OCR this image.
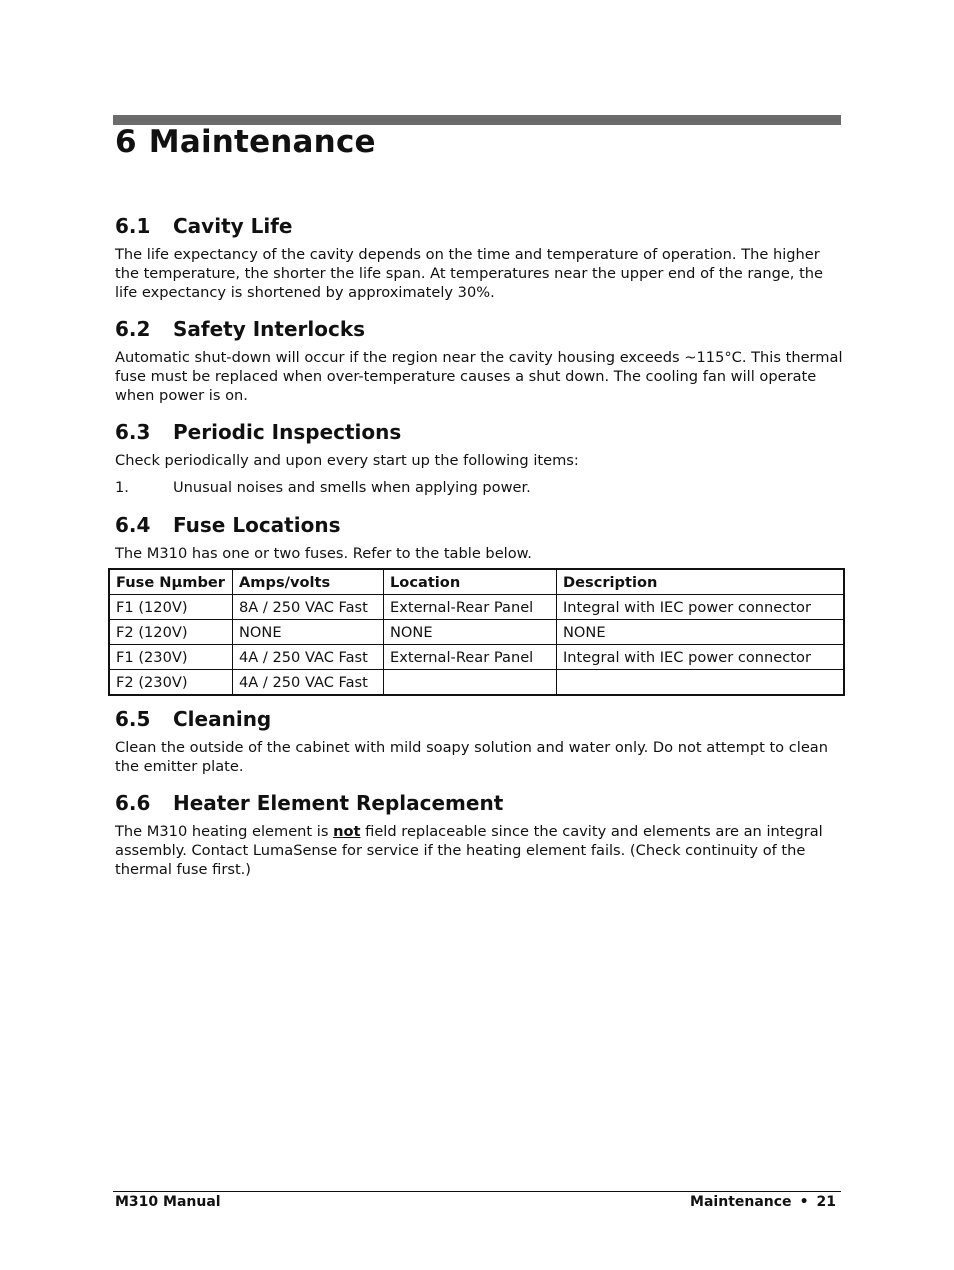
6 Maintenance
6.1 Cavity Life

The life expectancy of the cavity depends on the time and temperature of operation. The higher the temperature, the shorter the life span. At temperatures near the upper end of the range, the life expectancy is shortened by approximately 30%.

6.2 Safety Interlocks

Automatic shut-down will occur if the region near the cavity housing exceeds ~115°C. This thermal fuse must be replaced when over-temperature causes a shut down. The cooling fan will operate when power is on.

6.3 Periodic Inspections

Check periodically and upon every start up the following items:

1.	Unusual noises and smells when applying power.
6.4 Fuse Locations

The M310 has one or two fuses. Refer to the table below.

Fuse Nµmber	Amps/volts	Location	Description
F1 (120V)	8A / 250 VAC Fast	External-Rear Panel	Integral with IEC power connector
F2 (120V)	NONE	NONE	NONE
F1 (230V)	4A / 250 VAC Fast	External-Rear Panel	Integral with IEC power connector
F2 (230V)	4A / 250 VAC Fast		
6.5 Cleaning

Clean the outside of the cabinet with mild soapy solution and water only. Do not attempt to clean the emitter plate.

6.6 Heater Element Replacement

The M310 heating element is not field replaceable since the cavity and elements are an integral assembly. Contact LumaSense for service if the heating element fails. (Check continuity of the thermal fuse first.)

M310 Manual	Maintenance • 21
